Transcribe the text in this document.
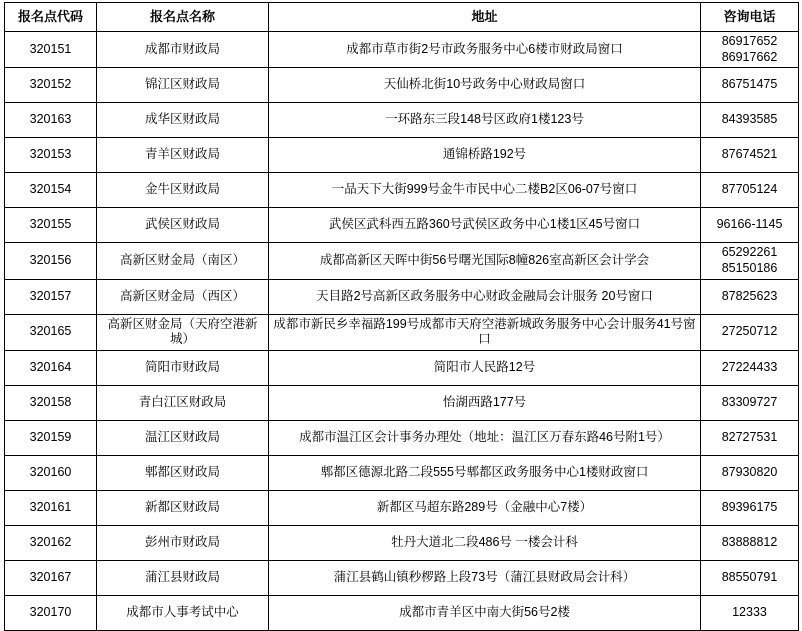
报名点代码	报名点名称	地址	咨询电话
320151	成都市财政局	成都市草市街2号市政务服务中心6楼市财政局窗口	86917652
86917662

320152	锦江区财政局	天仙桥北街10号政务中心财政局窗口	86751475

320163	成华区财政局	一环路东三段148号区政府1楼123号	84393585

320153	青羊区财政局	通锦桥路192号	87674521

320154	金牛区财政局	一品天下大街999号金牛市民中心二楼B2区06-07号窗口	87705124

320155	武侯区财政局	武侯区武科西五路360号武侯区政务中心1楼1区45号窗口	96166-1145

320156	高新区财金局（南区）	成都高新区天晖中街56号曙光国际8幢826室高新区会计学会	65292261
85150186

320157	高新区财金局（西区）	天目路2号高新区政务服务中心财政金融局会计服务 20号窗口	87825623

320165	高新区财金局（天府空港新城）	成都市新民乡幸福路199号成都市天府空港新城政务服务中心会计服务41号窗口	27250712

320164	简阳市财政局	简阳市人民路12号	27224433

320158	青白江区财政局	怡湖西路177号	83309727

320159	温江区财政局	成都市温江区会计事务办理处（地址：温江区万春东路46号附1号）	82727531

320160	郫都区财政局	郫都区德源北路二段555号郫都区政务服务中心1楼财政窗口	87930820

320161	新都区财政局	新都区马超东路289号（金融中心7楼）	89396175

320162	彭州市财政局	牡丹大道北二段486号 一楼会计科	83888812

320167	蒲江县财政局	蒲江县鹤山镇秒椤路上段73号（蒲江县财政局会计科）	88550791

320170	成都市人事考试中心	成都市青羊区中南大街56号2楼	12333
